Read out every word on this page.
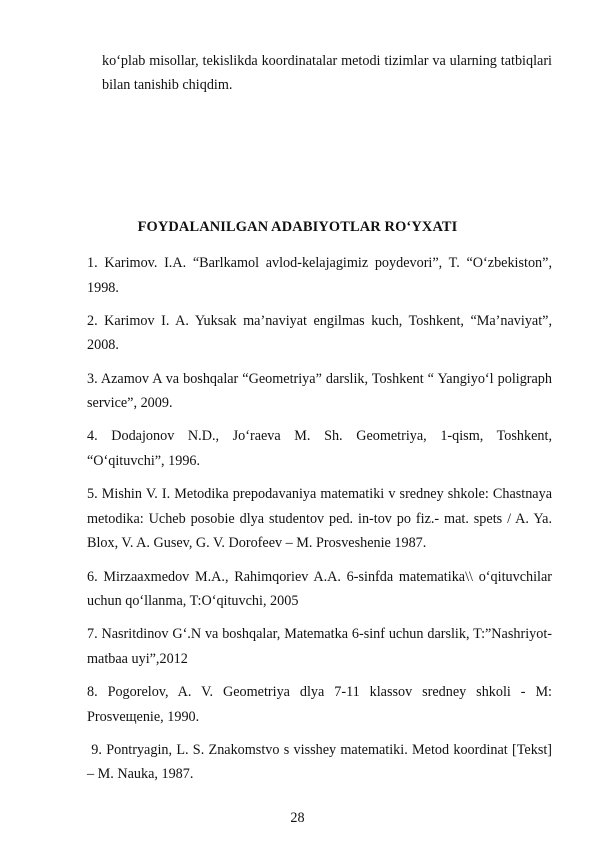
ko‘plab misollar, tekislikda koordinatalar metodi tizimlar va ularning tatbiqlari bilan tanishib chiqdim.

FOYDALANILGAN ADABIYOTLAR RO‘YXATI

1. Karimov. I.A. “Barlkamol avlod-kelajagimiz poydevori”, T. “O‘zbekiston”, 1998.

2. Karimov I. A. Yuksak ma’naviyat engilmas kuch, Toshkent, “Ma’naviyat”, 2008.

3. Azamov A va boshqalar “Geometriya” darslik, Toshkent “ Yangiyo‘l poligraph service”, 2009.

4. Dodajonov N.D., Jo‘raeva M. Sh. Geometriya, 1-qism, Toshkent, “O‘qituvchi”, 1996.

5. Mishin V. I. Metodika prepodavaniya matematiki v sredney shkole: Chastnaya metodika: Ucheb posobie dlya studentov ped. in-tov po fiz.- mat. spets / A. Ya. Blox, V. A. Gusev, G. V. Dorofeev – M. Prosveshenie 1987.

6. Mirzaaxmedov M.A., Rahimqoriev A.A. 6-sinfda matematika\\ o‘qituvchilar uchun qo‘llanma, T:O‘qituvchi, 2005

7. Nasritdinov G‘.N va boshqalar, Matematka 6-sinf uchun darslik, T:”Nashriyot-matbaa uyi”,2012

8. Pogorelov, A. V. Geometriya dlya 7-11 klassov sredney shkoli - M: Prosveщenie, 1990.

9. Pontryagin, L. S. Znakomstvo s visshey matematiki. Metod koordinat [Tekst] – M. Nauka, 1987.

28
